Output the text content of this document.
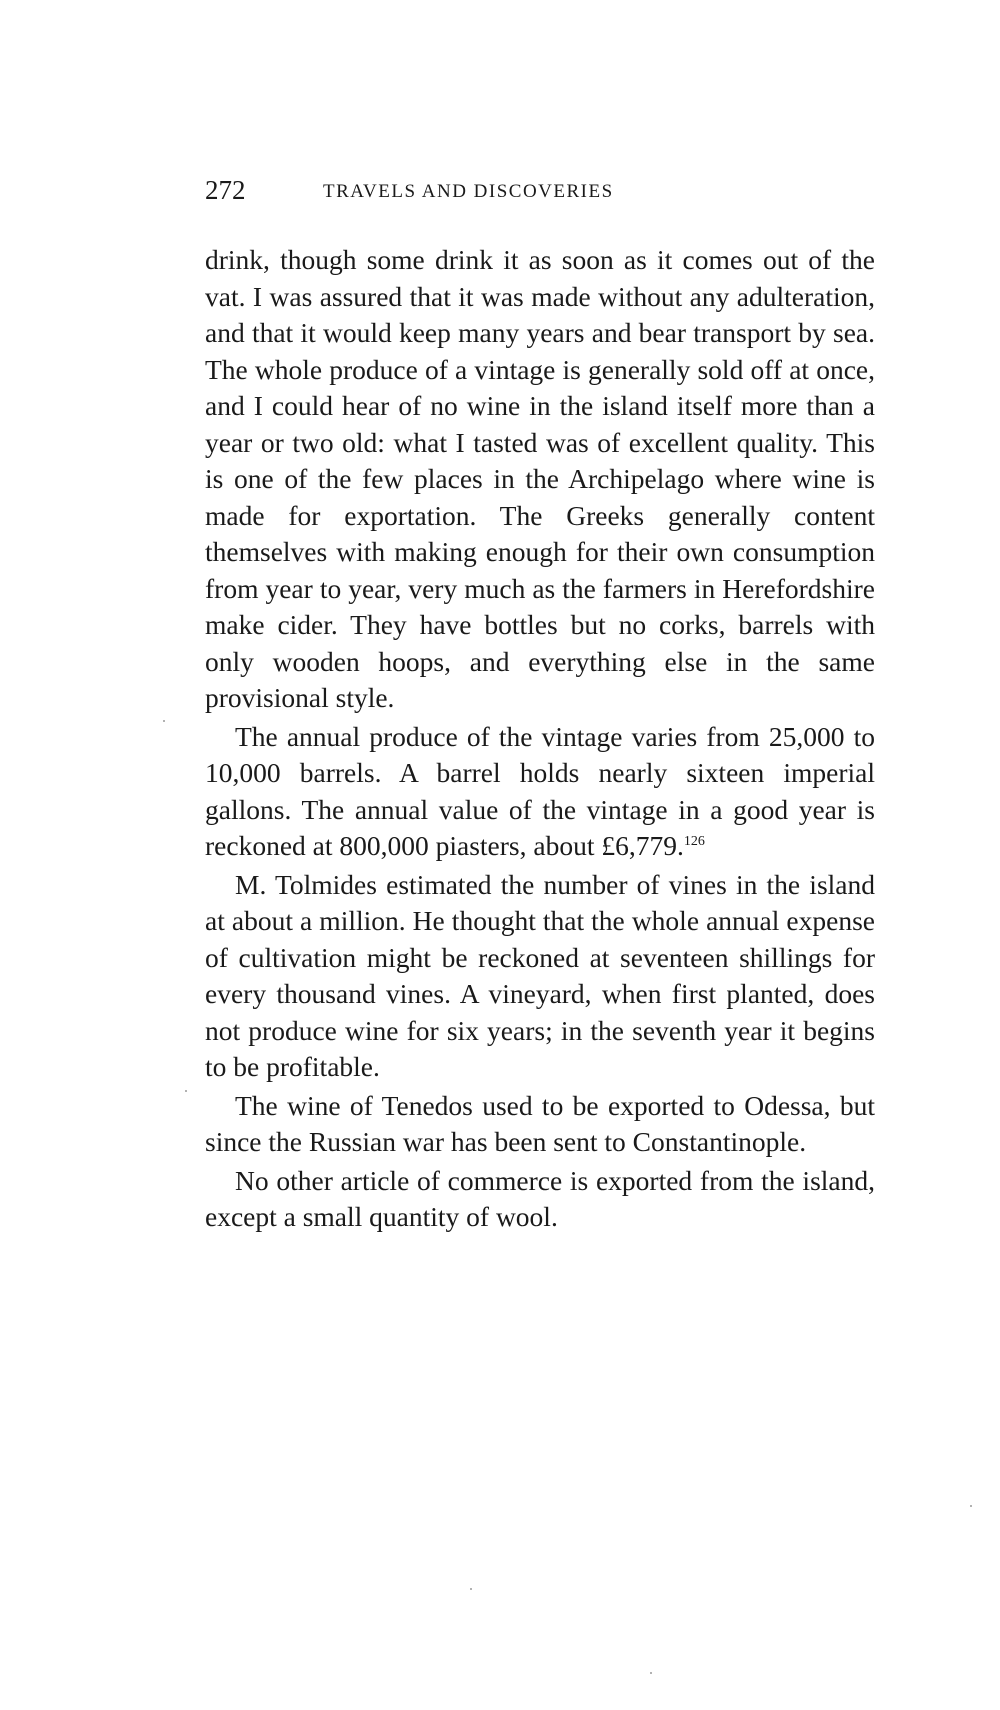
272	TRAVELS AND DISCOVERIES

drink, though some drink it as soon as it comes out of the vat. I was assured that it was made without any adulteration, and that it would keep many years and bear transport by sea. The whole produce of a vintage is generally sold off at once, and I could hear of no wine in the island itself more than a year or two old: what I tasted was of excellent quality. This is one of the few places in the Archipelago where wine is made for exportation. The Greeks generally content themselves with making enough for their own consumption from year to year, very much as the farmers in Herefordshire make cider. They have bottles but no corks, barrels with only wooden hoops, and everything else in the same provisional style.

The annual produce of the vintage varies from 25,000 to 10,000 barrels. A barrel holds nearly sixteen imperial gallons. The annual value of the vintage in a good year is reckoned at 800,000 piasters, about £6,779.$^{126}$

M. Tolmides estimated the number of vines in the island at about a million. He thought that the whole annual expense of cultivation might be reckoned at seventeen shillings for every thousand vines. A vineyard, when first planted, does not produce wine for six years; in the seventh year it begins to be profitable.

The wine of Tenedos used to be exported to Odessa, but since the Russian war has been sent to Constantinople.

No other article of commerce is exported from the island, except a small quantity of wool.
